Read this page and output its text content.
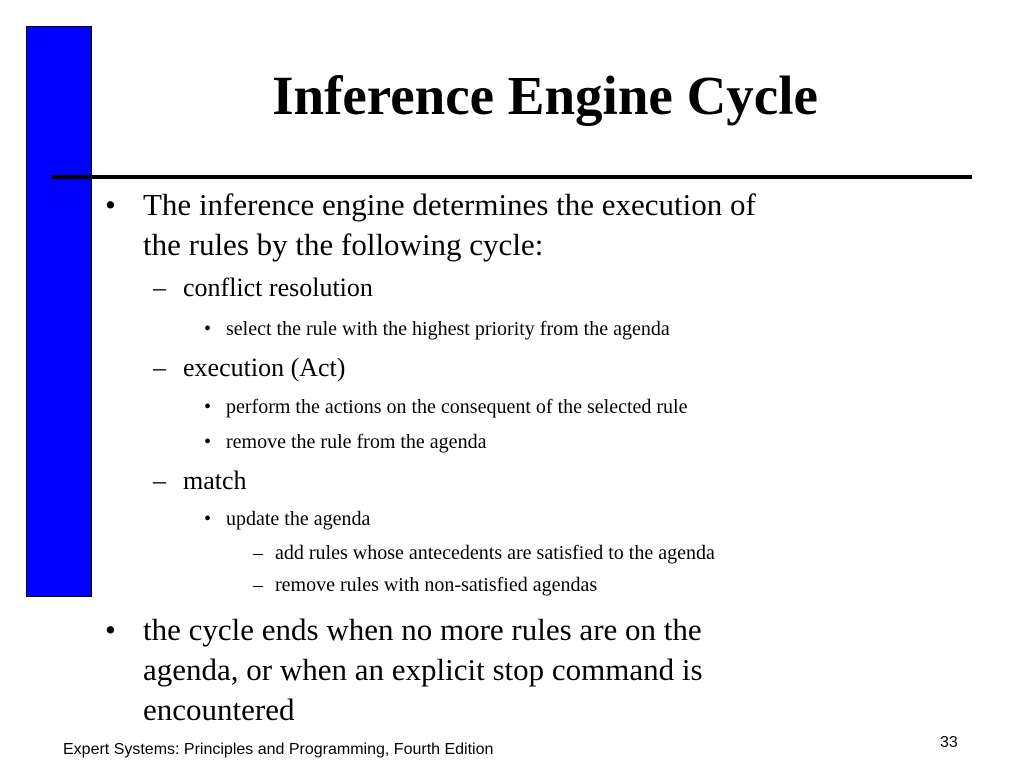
Inference Engine Cycle
• The inference engine determines the execution of
the rules by the following cycle:
– conflict resolution
• select the rule with the highest priority from the agenda
– execution (Act)
• perform the actions on the consequent of the selected rule
• remove the rule from the agenda
– match
• update the agenda
– add rules whose antecedents are satisfied to the agenda
– remove rules with non-satisfied agendas
• the cycle ends when no more rules are on the
agenda, or when an explicit stop command is
encountered
Expert Systems: Principles and Programming, Fourth Edition	33
